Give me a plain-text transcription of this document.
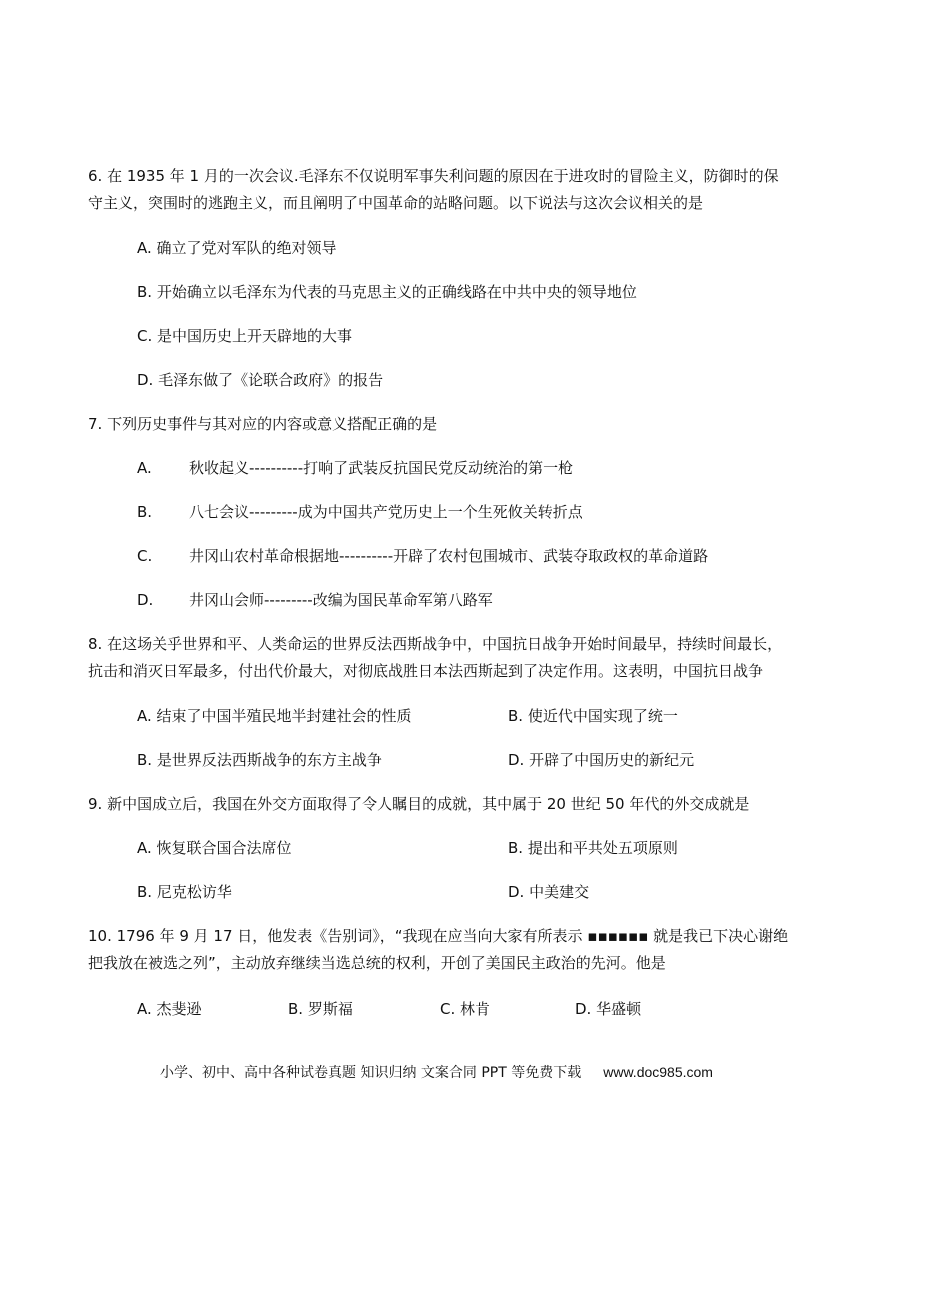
6. 在 1935 年 1 月的一次会议.毛泽东不仅说明军事失利问题的原因在于进攻时的冒险主义，防御时的保
守主义，突围时的逃跑主义，而且阐明了中国革命的站略问题。以下说法与这次会议相关的是
A. 确立了党对军队的绝对领导
B. 开始确立以毛泽东为代表的马克思主义的正确线路在中共中央的领导地位
C. 是中国历史上开天辟地的大事
D. 毛泽东做了《论联合政府》的报告
7. 下列历史事件与其对应的内容或意义搭配正确的是
A. 秋收起义----------打响了武装反抗国民党反动统治的第一枪
B. 八七会议---------成为中国共产党历史上一个生死攸关转折点
C. 井冈山农村革命根据地----------开辟了农村包围城市、武装夺取政权的革命道路
D. 井冈山会师---------改编为国民革命军第八路军
8. 在这场关乎世界和平、人类命运的世界反法西斯战争中，中国抗日战争开始时间最早，持续时间最长，
抗击和消灭日军最多，付出代价最大，对彻底战胜日本法西斯起到了决定作用。这表明，中国抗日战争
A. 结束了中国半殖民地半封建社会的性质	B. 使近代中国实现了统一
B. 是世界反法西斯战争的东方主战争	D. 开辟了中国历史的新纪元
9. 新中国成立后，我国在外交方面取得了令人瞩目的成就，其中属于 20 世纪 50 年代的外交成就是
A. 恢复联合国合法席位	B. 提出和平共处五项原则
B. 尼克松访华	D. 中美建交
10. 1796 年 9 月 17 日，他发表《告别词》，“我现在应当向大家有所表示 ▪▪▪▪▪▪ 就是我已下决心谢绝
把我放在被选之列”，主动放弃继续当选总统的权利，开创了美国民主政治的先河。他是
A. 杰斐逊	B. 罗斯福	C. 林肯	D. 华盛顿
小学、初中、高中各种试卷真题 知识归纳 文案合同 PPT 等免费下载 www.doc985.com
